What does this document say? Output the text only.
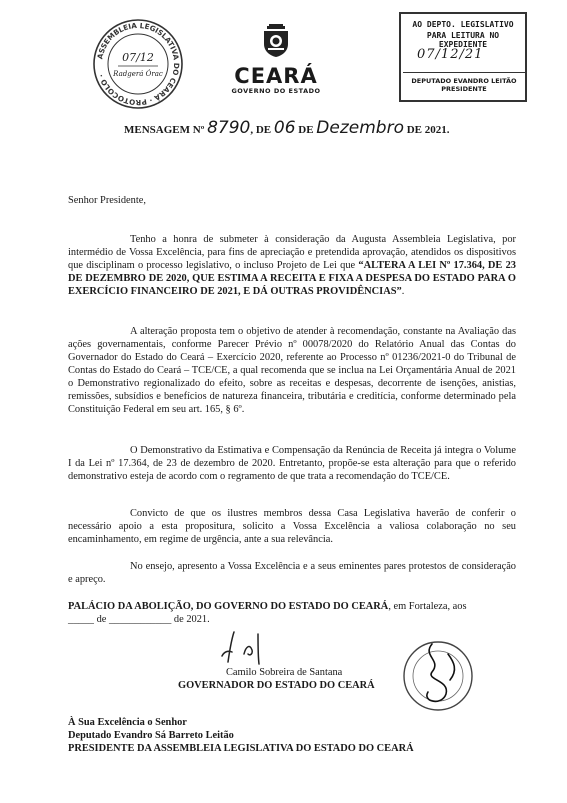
ASSEMBLEIA LEGISLATIVA DO CEARÁ · PROTOCOLO ·
07/12
Radgerá Órac	CEARÁ
GOVERNO DO ESTADO
AO DEPTO. LEGISLATIVO
PARA LEITURA NO EXPEDIENTE
07/12/21
DEPUTADO EVANDRO LEITÃO
PRESIDENTE
MENSAGEM Nº 8790, DE 06 DE Dezembro DE 2021.
Senhor Presidente,
Tenho a honra de submeter à consideração da Augusta Assembleia Legislativa, por intermédio de Vossa Excelência, para fins de apreciação e pretendida aprovação, atendidos os dispositivos que disciplinam o processo legislativo, o incluso Projeto de Lei que “ALTERA A LEI Nº 17.364, DE 23 DE DEZEMBRO DE 2020, QUE ESTIMA A RECEITA E FIXA A DESPESA DO ESTADO PARA O EXERCÍCIO FINANCEIRO DE 2021, E DÁ OUTRAS PROVIDÊNCIAS”.
A alteração proposta tem o objetivo de atender à recomendação, constante na Avaliação das ações governamentais, conforme Parecer Prévio nº 00078/2020 do Relatório Anual das Contas do Governador do Estado do Ceará – Exercício 2020, referente ao Processo nº 01236/2021-0 do Tribunal de Contas do Estado do Ceará – TCE/CE, a qual recomenda que se inclua na Lei Orçamentária Anual de 2021 o Demonstrativo regionalizado do efeito, sobre as receitas e despesas, decorrente de isenções, anistias, remissões, subsídios e benefícios de natureza financeira, tributária e creditícia, conforme determinado pela Constituição Federal em seu art. 165, § 6º.
O Demonstrativo da Estimativa e Compensação da Renúncia de Receita já integra o Volume I da Lei nº 17.364, de 23 de dezembro de 2020. Entretanto, propõe-se esta alteração para que o referido demonstrativo esteja de acordo com o regramento de que trata a recomendação do TCE/CE.
Convicto de que os ilustres membros dessa Casa Legislativa haverão de conferir o necessário apoio a esta propositura, solicito a Vossa Excelência a valiosa colaboração no seu encaminhamento, em regime de urgência, ante a sua relevância.
No ensejo, apresento a Vossa Excelência e a seus eminentes pares protestos de consideração e apreço.
PALÁCIO DA ABOLIÇÃO, DO GOVERNO DO ESTADO DO CEARÁ, em Fortaleza, aos
_____ de ____________ de 2021.
Camilo Sobreira de Santana
GOVERNADOR DO ESTADO DO CEARÁ
À Sua Excelência o Senhor
Deputado Evandro Sá Barreto Leitão
PRESIDENTE DA ASSEMBLEIA LEGISLATIVA DO ESTADO DO CEARÁ
